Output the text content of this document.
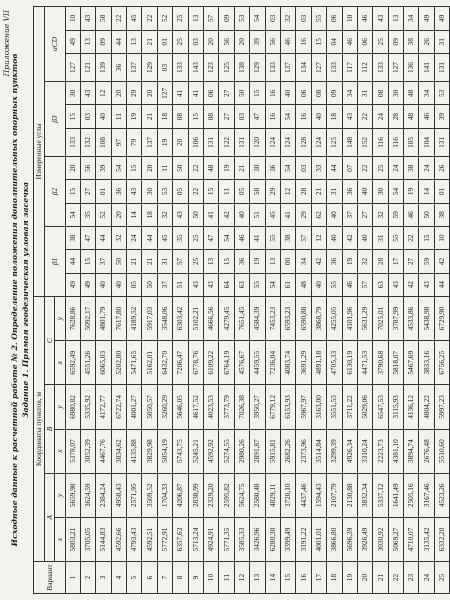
Приложение VII
Исходные данные к расчетной работе № 2. Определение положения дополнительных опорных пунктов Задание 1. Прямая геодезическая угловая засечка
Вариант	Координаты пунктов, м						Измеренные углы											
	A		B		C		β1			β2			β3			αCD		
	x	y	x	y	x	y												
1	5803,21	5659,98	5378,07	6980,82	6592,49	7628,86	49	44	38	54	15	20	133	15	30	127	49	10
2	3705,05	3624,59	3052,39	5335,92	4551,26	5092,17	49	15	47	35	27	56	132	03	43	121	13	43
3	5144,83	2384,24	4467,76	4172,77	6065,03	4801,79	40	37	44	52	01	39	108	40	12	139	09	58
4	4592,66	4958,43	3834,62	6722,74	5202,80	7617,80	40	50	32	20	36	54	97	11	20	36	44	22
5	4793,43	2571,95	4135,88	4001,27	5471,65	4189,52	05	21	24	14	43	15	79	19	29	137	13	45
6	4592,51	3509,52	3829,98	5050,57	5162,01	5917,03	50	21	44	18	30	20	137	21	20	129	21	22
7	5772,91	1704,33	5054,19	3260,29	6432,70	3548,06	37	31	45	32	53	11	19	18	127	03	01	52
8	6357,63	4206,87	5743,75	5646,05	7206,47	6303,42	51	57	35	43	05	50	20	08	41	133	25	25
9	5713,24	2838,99	5245,21	4617,52	6778,76	5102,21	43	25	25	50	22	22	106	15	41	143	03	13
10	4924,91	2329,20	4592,92	4023,53	6109,22	4666,56	43	13	47	41	15	48	131	08	06	123	20	57
11	5771,35	2595,82	5274,55	3773,79	6764,19	4279,45	64	15	54	42	11	19	122	27	27	125	56	09
12	3585,33	5624,75	2980,26	7026,38	4576,67	7651,45	63	36	46	40	05	21	131	03	50	138	20	53
13	3426,96	2580,48	2891,87	3950,27	4459,55	4584,39	55	19	41	51	58	30	120	47	15	129	39	54
14	6280,30	4829,11	5915,81	6779,12	7236,04	7453,23	54	13	55	45	29	36	124	16	16	133	56	03
15	3399,49	3720,10	2682,26	6153,93	4083,74	6593,23	61	00	38	41	12	54	124	54	40	137	46	32
16	3191,22	4437,46	2373,96	5967,97	3691,29	6590,88	48	34	57	29	28	03	128	16	06	134	16	03
17	4001,01	1594,43	3514,84	3163,00	4891,18	3868,79	40	42	12	62	21	33	124	40	08	127	15	55
18	3866,80	2107,79	3299,39	3551,53	4705,33	4255,05	55	36	40	40	31	44	125	18	09	133	04	06
19	5696,39	2130,88	4926,34	3711,22	6130,19	4101,96	46	19	42	37	36	07	148	43	34	117	46	10
20	3926,49	3832,34	3310,24	5029,06	4471,53	5631,29	57	32	40	27	40	22	152	22	31	112	06	46
21	3030,92	5337,12	2223,73	6547,53	3790,68	7025,01	63	28	31	32	30	25	116	24	08	133	25	43
22	5069,27	1641,49	4381,10	3115,93	5818,07	3787,99	43	17	55	59	54	24	116	28	30	127	09	13
23	4710,07	2505,16	3894,74	4136,12	5467,69	4533,86	42	27	22	46	19	38	105	48	48	136	38	34
24	3135,42	3167,46	2676,48	4804,22	3833,16	5438,98	43	59	15	50	14	24	104	46	34	141	26	49
25	6332,20	4523,26	5510,60	5997,23	6756,25	6729,90	44	42	10	38	01	26	131	39	53	131	31	49
